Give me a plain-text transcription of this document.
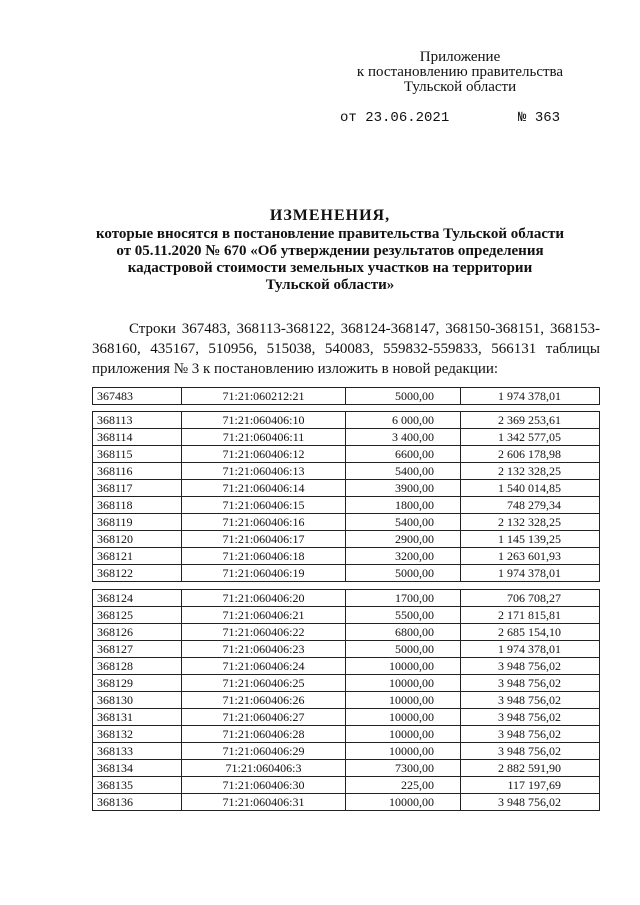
Приложение
к постановлению правительства
Тульской области
от 23.06.2021	№ 363
ИЗМЕНЕНИЯ,
которые вносятся в постановление правительства Тульской области
от 05.11.2020 № 670 «Об утверждении результатов определения
кадастровой стоимости земельных участков на территории
Тульской области»
Строки 367483, 368113-368122, 368124-368147, 368150-368151, 368153-
368160, 435167, 510956, 515038, 540083, 559832-559833, 566131 таблицы
приложения № 3 к постановлению изложить в новой редакции:
367483	71:21:060212:21	5000,00	1 974 378,01
368113	71:21:060406:10	6 000,00	2 369 253,61
368114	71:21:060406:11	3 400,00	1 342 577,05
368115	71:21:060406:12	6600,00	2 606 178,98
368116	71:21:060406:13	5400,00	2 132 328,25
368117	71:21:060406:14	3900,00	1 540 014,85
368118	71:21:060406:15	1800,00	748 279,34
368119	71:21:060406:16	5400,00	2 132 328,25
368120	71:21:060406:17	2900,00	1 145 139,25
368121	71:21:060406:18	3200,00	1 263 601,93
368122	71:21:060406:19	5000,00	1 974 378,01
368124	71:21:060406:20	1700,00	706 708,27
368125	71:21:060406:21	5500,00	2 171 815,81
368126	71:21:060406:22	6800,00	2 685 154,10
368127	71:21:060406:23	5000,00	1 974 378,01
368128	71:21:060406:24	10000,00	3 948 756,02
368129	71:21:060406:25	10000,00	3 948 756,02
368130	71:21:060406:26	10000,00	3 948 756,02
368131	71:21:060406:27	10000,00	3 948 756,02
368132	71:21:060406:28	10000,00	3 948 756,02
368133	71:21:060406:29	10000,00	3 948 756,02
368134	71:21:060406:3	7300,00	2 882 591,90
368135	71:21:060406:30	225,00	117 197,69
368136	71:21:060406:31	10000,00	3 948 756,02
